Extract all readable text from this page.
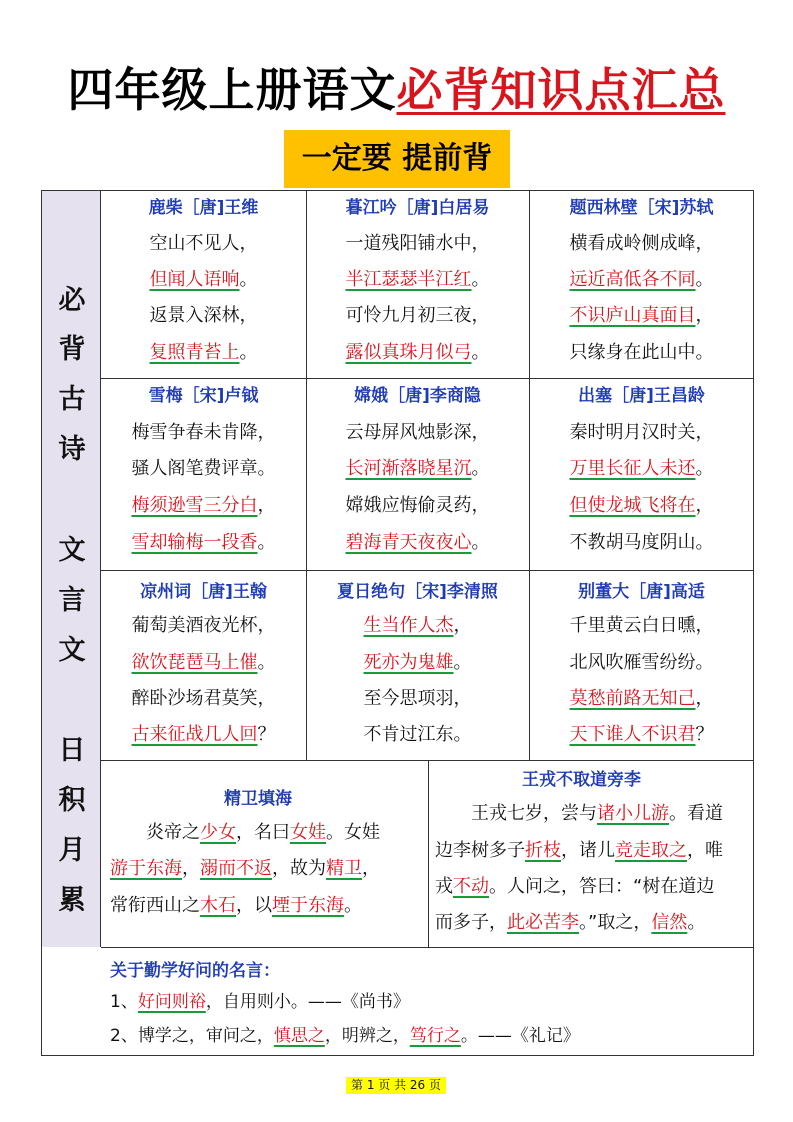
四年级上册语文必背知识点汇总
一定要 提前背
必
背
古
诗
文
言
文
日
积
月
累
鹿柴［唐]王维
空山不见人，
但闻人语响。
返景入深林，
复照青苔上。
暮江吟［唐]白居易
一道残阳铺水中，
半江瑟瑟半江红。
可怜九月初三夜，
露似真珠月似弓。
题西林壁［宋]苏轼
横看成岭侧成峰，
远近高低各不同。
不识庐山真面目，
只缘身在此山中。
雪梅［宋]卢钺
梅雪争春未肯降，
骚人阁笔费评章。
梅须逊雪三分白，
雪却输梅一段香。
嫦娥［唐]李商隐
云母屏风烛影深，
长河渐落晓星沉。
嫦娥应悔偷灵药，
碧海青天夜夜心。
出塞［唐]王昌龄
秦时明月汉时关，
万里长征人未还。
但使龙城飞将在，
不教胡马度阴山。
凉州词［唐]王翰
葡萄美酒夜光杯，
欲饮琵琶马上催。
醉卧沙场君莫笑，
古来征战几人回？
夏日绝句［宋]李清照
生当作人杰，
死亦为鬼雄。
至今思项羽，
不肯过江东。
别董大［唐]高适
千里黄云白日曛，
北风吹雁雪纷纷。
莫愁前路无知己，
天下谁人不识君？
精卫填海
　　炎帝之少女，名曰女娃。女娃
游于东海，溺而不返，故为精卫，
常衔西山之木石，以堙于东海。
王戎不取道旁李
　　王戎七岁，尝与诸小儿游。看道
边李树多子折枝，诸儿竞走取之，唯
戎不动。人问之，答曰：“树在道边
而多子，此必苦李。”取之，信然。
关于勤学好问的名言：
1、好问则裕，自用则小。——《尚书》
2、博学之，审问之，慎思之，明辨之，笃行之。——《礼记》
第 1 页 共 26 页
